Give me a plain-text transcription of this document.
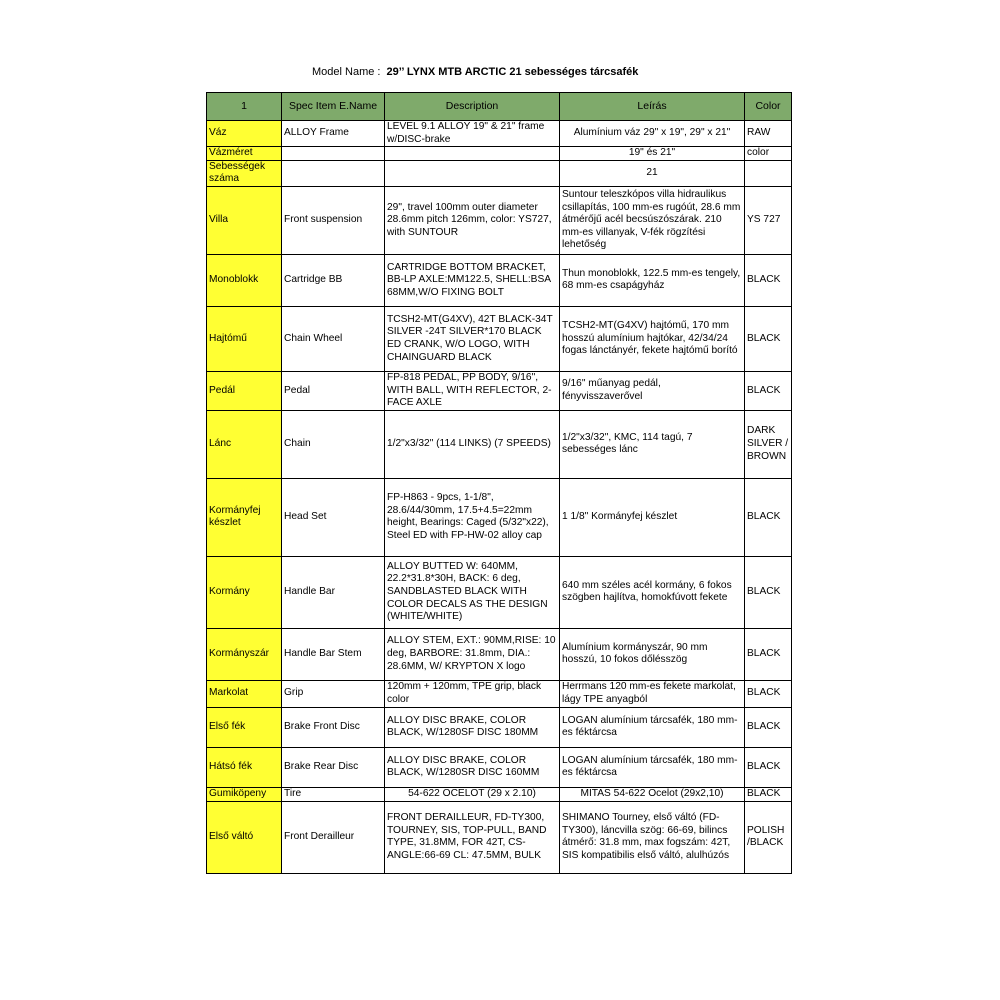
Model Name : 29’’ LYNX MTB ARCTIC 21 sebességes tárcsafék
1	Spec Item E.Name	Description	Leírás	Color
Váz	ALLOY Frame	LEVEL 9.1 ALLOY 19" & 21" frame w/DISC-brake	Alumínium váz 29" x 19", 29" x 21"	RAW
Vázméret			19" és 21"	color
Sebességek száma			21	
Villa	Front suspension	29", travel 100mm outer diameter 28.6mm pitch 126mm, color: YS727, with SUNTOUR	Suntour teleszkópos villa hidraulikus csillapítás, 100 mm-es rugóút, 28.6 mm átmérőjű acél becsúszószárak. 210 mm-es villanyak, V-fék rögzítési lehetőség	YS 727
Monoblokk	Cartridge BB	CARTRIDGE BOTTOM BRACKET, BB-LP AXLE:MM122.5, SHELL:BSA 68MM,W/O FIXING BOLT	Thun monoblokk, 122.5 mm-es tengely, 68 mm-es csapágyház	BLACK
Hajtómű	Chain Wheel	TCSH2-MT(G4XV), 42T BLACK-34T SILVER -24T SILVER*170 BLACK ED CRANK, W/O LOGO, WITH CHAINGUARD BLACK	TCSH2-MT(G4XV) hajtómű, 170 mm hosszú alumínium hajtókar, 42/34/24 fogas lánctányér, fekete hajtómű borító	BLACK
Pedál	Pedal	FP-818 PEDAL, PP BODY, 9/16", WITH BALL, WITH REFLECTOR, 2-FACE AXLE	9/16" műanyag pedál, fényvisszaverővel	BLACK
Lánc	Chain	1/2"x3/32" (114 LINKS) (7 SPEEDS)	1/2"x3/32", KMC, 114 tagú, 7 sebességes lánc	DARK SILVER / BROWN
Kormányfej készlet	Head Set	FP-H863 - 9pcs, 1-1/8", 28.6/44/30mm, 17.5+4.5=22mm height, Bearings: Caged (5/32"x22), Steel ED with FP-HW-02 alloy cap	1 1/8" Kormányfej készlet	BLACK
Kormány	Handle Bar	ALLOY BUTTED W: 640MM, 22.2*31.8*30H, BACK: 6 deg, SANDBLASTED BLACK WITH COLOR DECALS AS THE DESIGN (WHITE/WHITE)	640 mm széles acél kormány, 6 fokos szögben hajlítva, homokfúvott fekete	BLACK
Kormányszár	Handle Bar Stem	ALLOY STEM, EXT.: 90MM,RISE: 10 deg, BARBORE: 31.8mm, DIA.: 28.6MM, W/ KRYPTON X logo	Alumínium kormányszár, 90 mm hosszú, 10 fokos dőlésszög	BLACK
Markolat	Grip	120mm + 120mm, TPE grip, black color	Herrmans 120 mm-es fekete markolat, lágy TPE anyagból	BLACK
Első fék	Brake Front Disc	ALLOY DISC BRAKE, COLOR BLACK, W/1280SF DISC 180MM	LOGAN alumínium tárcsafék, 180 mm-es féktárcsa	BLACK
Hátsó fék	Brake Rear Disc	ALLOY DISC BRAKE, COLOR BLACK, W/1280SR DISC 160MM	LOGAN alumínium tárcsafék, 180 mm-es féktárcsa	BLACK
Gumiköpeny	Tire	54-622 OCELOT (29 x 2.10)	MITAS 54-622 Ocelot (29x2,10)	BLACK
Első váltó	Front Derailleur	FRONT DERAILLEUR, FD-TY300, TOURNEY, SIS, TOP-PULL, BAND TYPE, 31.8MM, FOR 42T, CS-ANGLE:66-69 CL: 47.5MM, BULK	SHIMANO Tourney, első váltó (FD-TY300), láncvilla szög: 66-69, bilincs átmérő: 31.8 mm, max fogszám: 42T, SIS kompatibilis első váltó, alulhúzós	POLISH /BLACK
